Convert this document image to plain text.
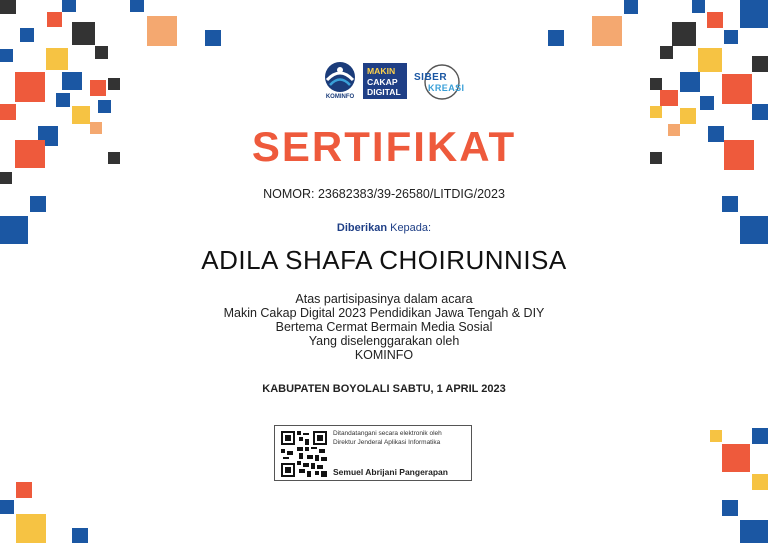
KOMINFO
MAKIN
CAKAP
DIGITAL
SIBER
KREASI
SERTIFIKAT
NOMOR: 23682383/39-26580/LITDIG/2023
Diberikan Kepada:
ADILA SHAFA CHOIRUNNISA
Atas partisipasinya dalam acara
Makin Cakap Digital 2023 Pendidikan Jawa Tengah & DIY
Bertema Cermat Bermain Media Sosial
Yang diselenggarakan oleh
KOMINFO
KABUPATEN BOYOLALI SABTU, 1 APRIL 2023
Ditandatangani secara elektronik oleh
Direktur Jenderal Aplikasi Informatika
Semuel Abrijani Pangerapan
